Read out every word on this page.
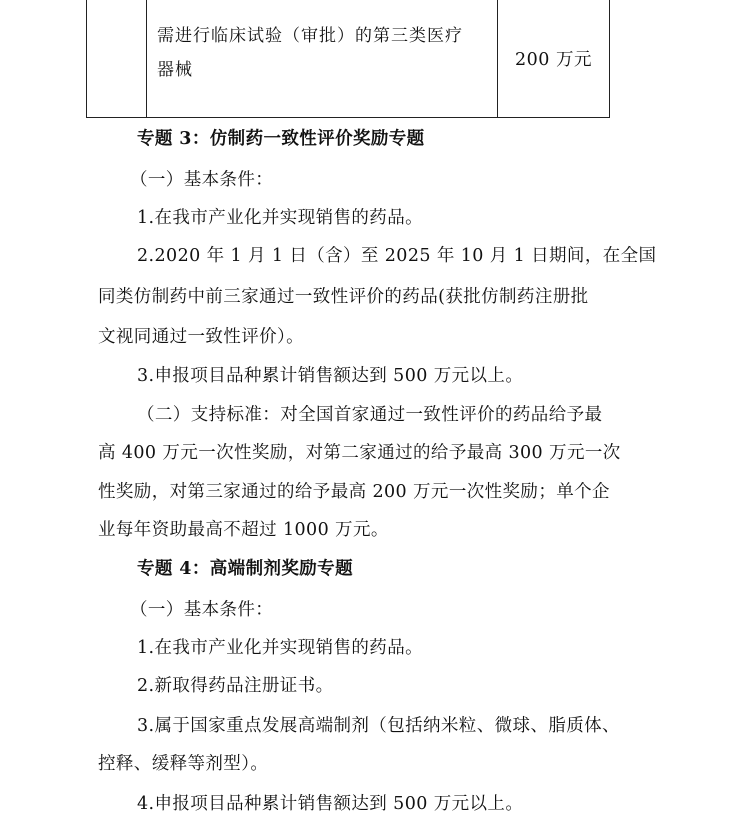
需进行临床试验（审批）的第三类医疗
器械	200 万元
专题 3：仿制药一致性评价奖励专题
（一）基本条件：
1.在我市产业化并实现销售的药品。
2.2020 年 1 月 1 日（含）至 2025 年 10 月 1 日期间，在全国
同类仿制药中前三家通过一致性评价的药品(获批仿制药注册批
文视同通过一致性评价）。
3.申报项目品种累计销售额达到 500 万元以上。
（二）支持标准：对全国首家通过一致性评价的药品给予最
高 400 万元一次性奖励，对第二家通过的给予最高 300 万元一次
性奖励，对第三家通过的给予最高 200 万元一次性奖励；单个企
业每年资助最高不超过 1000 万元。
专题 4：高端制剂奖励专题
（一）基本条件：
1.在我市产业化并实现销售的药品。
2.新取得药品注册证书。
3.属于国家重点发展高端制剂（包括纳米粒、微球、脂质体、
控释、缓释等剂型）。
4.申报项目品种累计销售额达到 500 万元以上。
